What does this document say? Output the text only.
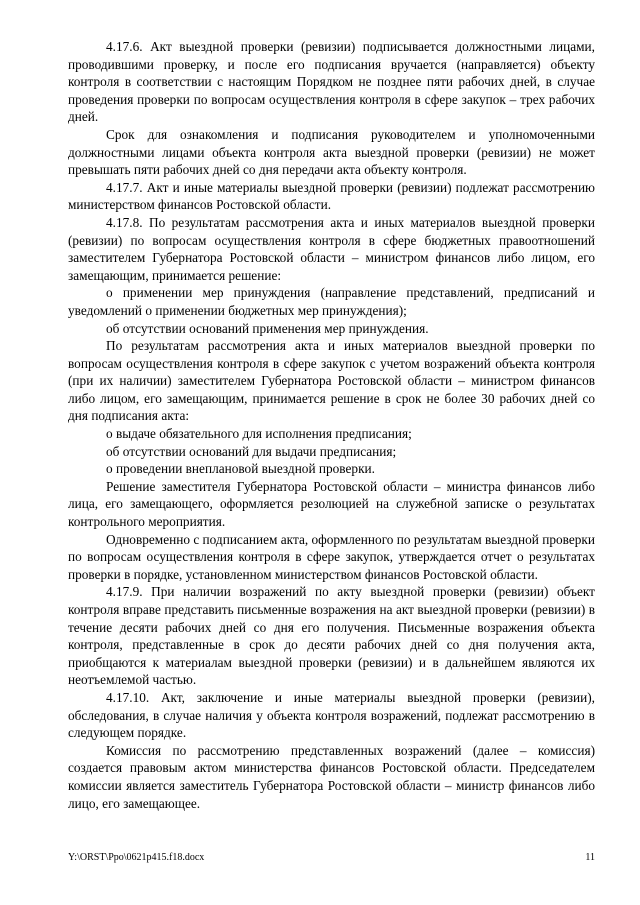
4.17.6. Акт выездной проверки (ревизии) подписывается должностными лицами, проводившими проверку, и после его подписания вручается (направляется) объекту контроля в соответствии с настоящим Порядком не позднее пяти рабочих дней, в случае проведения проверки по вопросам осуществления контроля в сфере закупок – трех рабочих дней.

Срок для ознакомления и подписания руководителем и уполномоченными должностными лицами объекта контроля акта выездной проверки (ревизии) не может превышать пяти рабочих дней со дня передачи акта объекту контроля.

4.17.7. Акт и иные материалы выездной проверки (ревизии) подлежат рассмотрению министерством финансов Ростовской области.

4.17.8. По результатам рассмотрения акта и иных материалов выездной проверки (ревизии) по вопросам осуществления контроля в сфере бюджетных правоотношений заместителем Губернатора Ростовской области – министром финансов либо лицом, его замещающим, принимается решение:

о применении мер принуждения (направление представлений, предписаний и уведомлений о применении бюджетных мер принуждения);

об отсутствии оснований применения мер принуждения.

По результатам рассмотрения акта и иных материалов выездной проверки по вопросам осуществления контроля в сфере закупок с учетом возражений объекта контроля (при их наличии) заместителем Губернатора Ростовской области – министром финансов либо лицом, его замещающим, принимается решение в срок не более 30 рабочих дней со дня подписания акта:

о выдаче обязательного для исполнения предписания;

об отсутствии оснований для выдачи предписания;

о проведении внеплановой выездной проверки.

Решение заместителя Губернатора Ростовской области – министра финансов либо лица, его замещающего, оформляется резолюцией на служебной записке о результатах контрольного мероприятия.

Одновременно с подписанием акта, оформленного по результатам выездной проверки по вопросам осуществления контроля в сфере закупок, утверждается отчет о результатах проверки в порядке, установленном министерством финансов Ростовской области.

4.17.9. При наличии возражений по акту выездной проверки (ревизии) объект контроля вправе представить письменные возражения на акт выездной проверки (ревизии) в течение десяти рабочих дней со дня его получения. Письменные возражения объекта контроля, представленные в срок до десяти рабочих дней со дня получения акта, приобщаются к материалам выездной проверки (ревизии) и в дальнейшем являются их неотъемлемой частью.

4.17.10. Акт, заключение и иные материалы выездной проверки (ревизии), обследования, в случае наличия у объекта контроля возражений, подлежат рассмотрению в следующем порядке.

Комиссия по рассмотрению представленных возражений (далее – комиссия) создается правовым актом министерства финансов Ростовской области. Председателем комиссии является заместитель Губернатора Ростовской области – министр финансов либо лицо, его замещающее.

Y:\ORST\Ppo\0621p415.f18.docx	11
